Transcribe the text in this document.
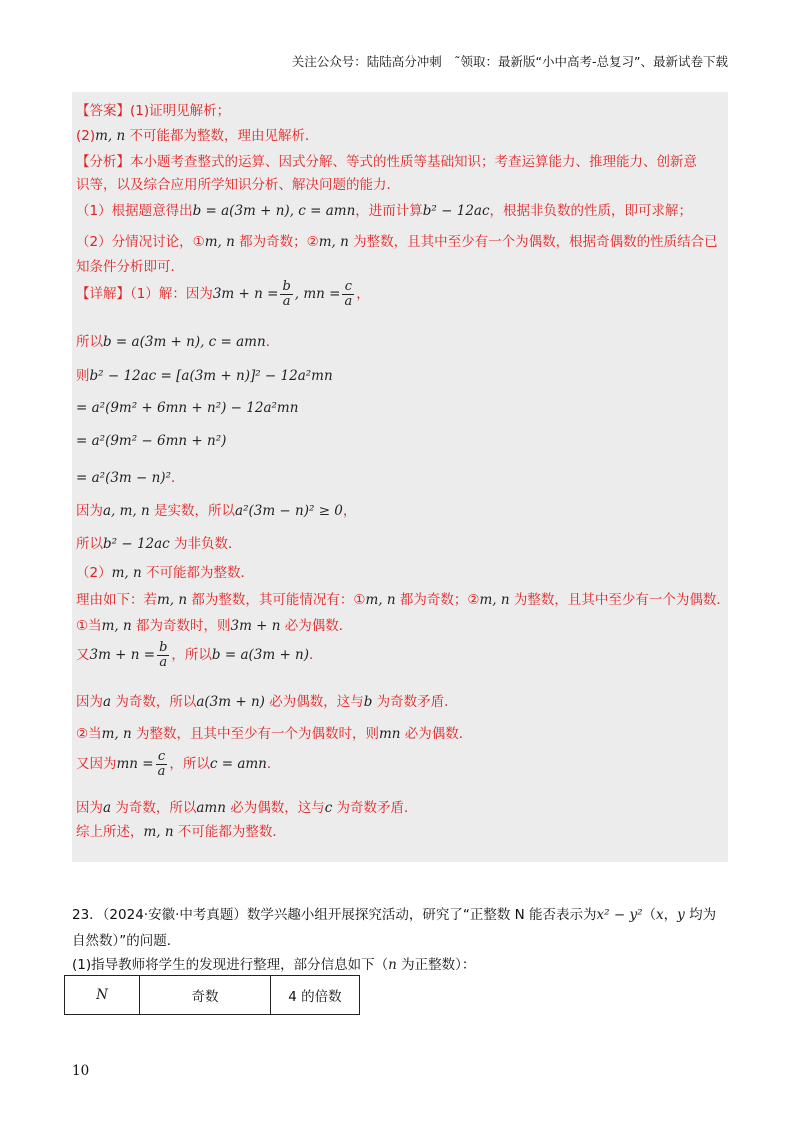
关注公众号：陆陆高分冲刺　˜领取：最新版“小中高考-总复习”、最新试卷下载
【答案】(1)证明见解析；
(2)m, n 不可能都为整数，理由见解析．
【分析】本小题考查整式的运算、因式分解、等式的性质等基础知识；考查运算能力、推理能力、创新意
识等，以及综合应用所学知识分析、解决问题的能力．
（1）根据题意得出b = a(3m + n), c = amn，进而计算b² − 12ac，根据非负数的性质，即可求解；
（2）分情况讨论，①m, n 都为奇数；②m, n 为整数，且其中至少有一个为偶数，根据奇偶数的性质结合已
知条件分析即可．
【详解】（1）解：因为$3m + n = \frac{b}{a}$ , mn = $\frac{c}{a}$ ，
所以b = a(3m + n), c = amn．
则b² − 12ac = [a(3m + n)]² − 12a²mn
= a²(9m² + 6mn + n²) − 12a²mn
= a²(9m² − 6mn + n²)
= a²(3m − n)²．
因为a, m, n 是实数，所以a²(3m − n)² ≥ 0，
所以b² − 12ac 为非负数．
（2）m, n 不可能都为整数．
理由如下：若m, n 都为整数，其可能情况有：①m, n 都为奇数；②m, n 为整数，且其中至少有一个为偶数．
①当m, n 都为奇数时，则3m + n 必为偶数．
又$3m + n = \frac{b}{a}$ ，所以b = a(3m + n)．
因为a 为奇数，所以a(3m + n) 必为偶数，这与b 为奇数矛盾．
②当m, n 为整数，且其中至少有一个为偶数时，则mn 必为偶数．
又因为mn = $\frac{c}{a}$ ，所以c = amn．
因为a 为奇数，所以amn 必为偶数，这与c 为奇数矛盾．
综上所述，m, n 不可能都为整数．
23．（2024·安徽·中考真题）数学兴趣小组开展探究活动，研究了“正整数 N 能否表示为x² − y²（x，y 均为
自然数）”的问题．
(1)指导教师将学生的发现进行整理，部分信息如下（n 为正整数）：
N	奇数	4 的倍数
10
